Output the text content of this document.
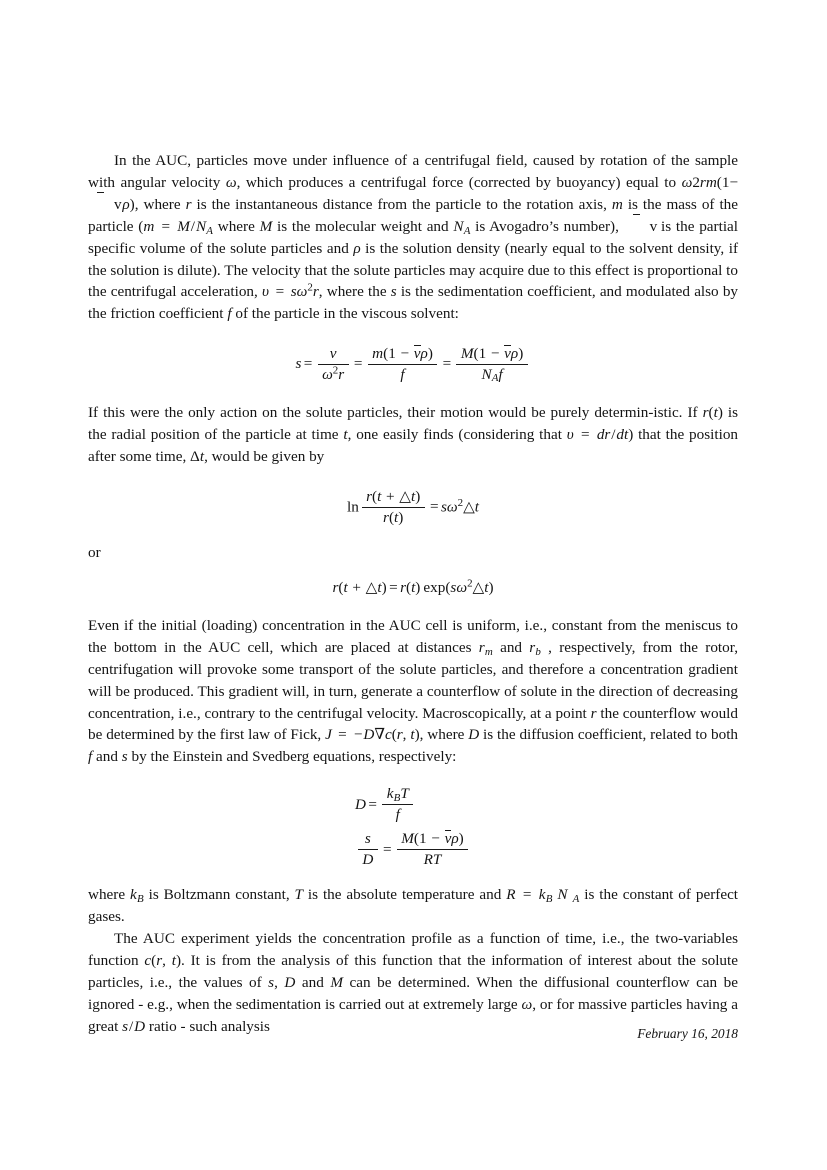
In the AUC, particles move under influence of a centrifugal field, caused by rotation of the sample with angular velocity ω, which produces a centrifugal force (corrected by buoyancy) equal to ω2rm(1−v
ρ), where r is the instantaneous distance from the particle to the rotation axis, m is the mass of the particle ($m = M/N_A$ where M is the molecular weight and $N_A$ is Avogadro’s number), v
 is the partial specific volume of the solute particles and ρ is the solution density (nearly equal to the solvent density, if the solution is dilute). The velocity that the solute particles may acquire due to this effect is proportional to the centrifugal acceleration, $\upsilon = s\omega^2r$, where the s is the sedimentation coefficient, and modulated also by the friction coefficient f of the particle in the viscous solvent:

$s = \frac{\nu}{\omega^2r} = \frac{m(1 - \nu\rho)}{f} = \frac{M(1 - \nu\rho)}{N_Af}$

If this were the only action on the solute particles, their motion would be purely determin-istic. If r(t) is the radial position of the particle at time t, one easily finds (considering that υ = dr/dt) that the position after some time, Δt, would be given by

$\ln \frac{r(t + \triangle t)}{r(t)}$ = $s\omega^2\triangle t$

or

r(t + △t) = r(t)  $\exp(s\omega^2\triangle t)$

Even if the initial (loading) concentration in the AUC cell is uniform, i.e., constant from the meniscus to the bottom in the AUC cell, which are placed at distances $r_m$ and $r_b$ , respectively, from the rotor, centrifugation will provoke some transport of the solute particles, and therefore a concentration gradient will be produced. This gradient will, in turn, generate a counterflow of solute in the direction of decreasing concentration, i.e., contrary to the centrifugal velocity. Macroscopically, at a point r the counterflow would be determined by the first law of Fick, J = −D∇c(r, t), where D is the diffusion coefficient, related to both f and s by the Einstein and Svedberg equations, respectively:

$D = \frac{k_BT}{f}$
$\frac{s}{D} = \frac{M(1 - \nu\rho)}{RT}$

where $k_B$ is Boltzmann constant, T is the absolute temperature and $R = k_B$ N $_A$ is the constant of perfect gases.

The AUC experiment yields the concentration profile as a function of time, i.e., the two-variables function c(r, t). It is from the analysis of this function that the information of interest about the solute particles, i.e., the values of s, D and M can be determined. When the diffusional counterflow can be ignored - e.g., when the sedimentation is carried out at extremely large ω, or for massive particles having a great s/D ratio - such analysis	February 16, 2018
